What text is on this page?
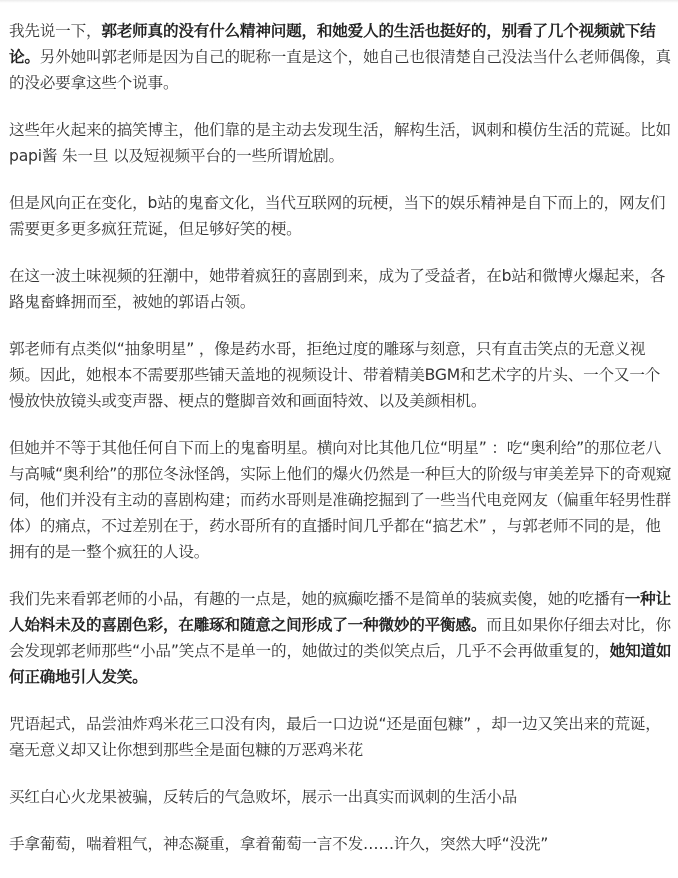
我先说一下，郭老师真的没有什么精神问题，和她爱人的生活也挺好的，别看了几个视频就下结论。另外她叫郭老师是因为自己的昵称一直是这个，她自己也很清楚自己没法当什么老师偶像，真的没必要拿这些个说事。

这些年火起来的搞笑博主，他们靠的是主动去发现生活，解构生活，讽刺和模仿生活的荒诞。比如papi酱 朱一旦 以及短视频平台的一些所谓尬剧。

但是风向正在变化，b站的鬼畜文化，当代互联网的玩梗，当下的娱乐精神是自下而上的，网友们需要更多更多疯狂荒诞，但足够好笑的梗。

在这一波土味视频的狂潮中，她带着疯狂的喜剧到来，成为了受益者，在b站和微博火爆起来，各路鬼畜蜂拥而至，被她的郭语占领。

郭老师有点类似“抽象明星” ，像是药水哥，拒绝过度的雕琢与刻意，只有直击笑点的无意义视频。因此，她根本不需要那些铺天盖地的视频设计、带着精美BGM和艺术字的片头、一个又一个慢放快放镜头或变声器、梗点的蹩脚音效和画面特效、以及美颜相机。

但她并不等于其他任何自下而上的鬼畜明星。横向对比其他几位“明星” ：吃“奥利给”的那位老八与高喊“奥利给”的那位冬泳怪鸽，实际上他们的爆火仍然是一种巨大的阶级与审美差异下的奇观窥伺，他们并没有主动的喜剧构建；而药水哥则是准确挖掘到了一些当代电竞网友（偏重年轻男性群体）的痛点，不过差别在于，药水哥所有的直播时间几乎都在“搞艺术” ，与郭老师不同的是，他拥有的是一整个疯狂的人设。

我们先来看郭老师的小品，有趣的一点是，她的疯癫吃播不是简单的装疯卖傻，她的吃播有一种让人始料未及的喜剧色彩，在雕琢和随意之间形成了一种微妙的平衡感。而且如果你仔细去对比，你会发现郭老师那些“小品”笑点不是单一的，她做过的类似笑点后，几乎不会再做重复的，她知道如何正确地引人发笑。

咒语起式，品尝油炸鸡米花三口没有肉，最后一口边说“还是面包糠” ，却一边又笑出来的荒诞，毫无意义却又让你想到那些全是面包糠的万恶鸡米花

买红白心火龙果被骗，反转后的气急败坏，展示一出真实而讽刺的生活小品

手拿葡萄，喘着粗气，神态凝重，拿着葡萄一言不发……许久，突然大呼“没洗”
